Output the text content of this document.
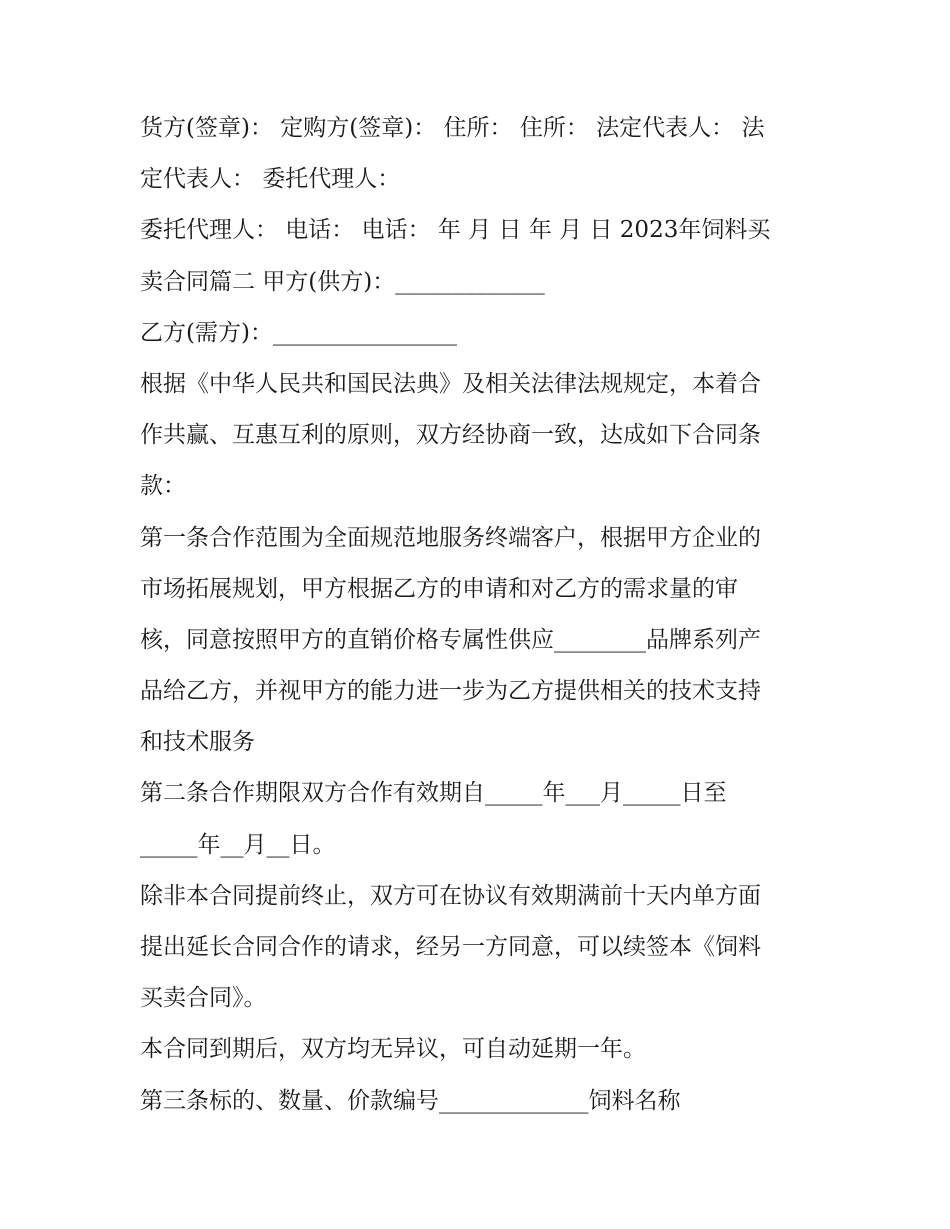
货方(签章)： 定购方(签章)： 住所： 住所： 法定代表人： 法
定代表人： 委托代理人：
委托代理人： 电话： 电话： 年 月 日 年 月 日 2023年饲料买
卖合同篇二 甲方(供方)：_____________
乙方(需方)：________________
根据《中华人民共和国民法典》及相关法律法规规定，本着合
作共赢、互惠互利的原则，双方经协商一致，达成如下合同条
款：
第一条合作范围为全面规范地服务终端客户，根据甲方企业的
市场拓展规划，甲方根据乙方的申请和对乙方的需求量的审
核，同意按照甲方的直销价格专属性供应________品牌系列产
品给乙方，并视甲方的能力进一步为乙方提供相关的技术支持
和技术服务
第二条合作期限双方合作有效期自_____年___月_____日至
_____年__月__日。
除非本合同提前终止，双方可在协议有效期满前十天内单方面
提出延长合同合作的请求，经另一方同意，可以续签本《饲料
买卖合同》。
本合同到期后，双方均无异议，可自动延期一年。
第三条标的、数量、价款编号_____________饲料名称
